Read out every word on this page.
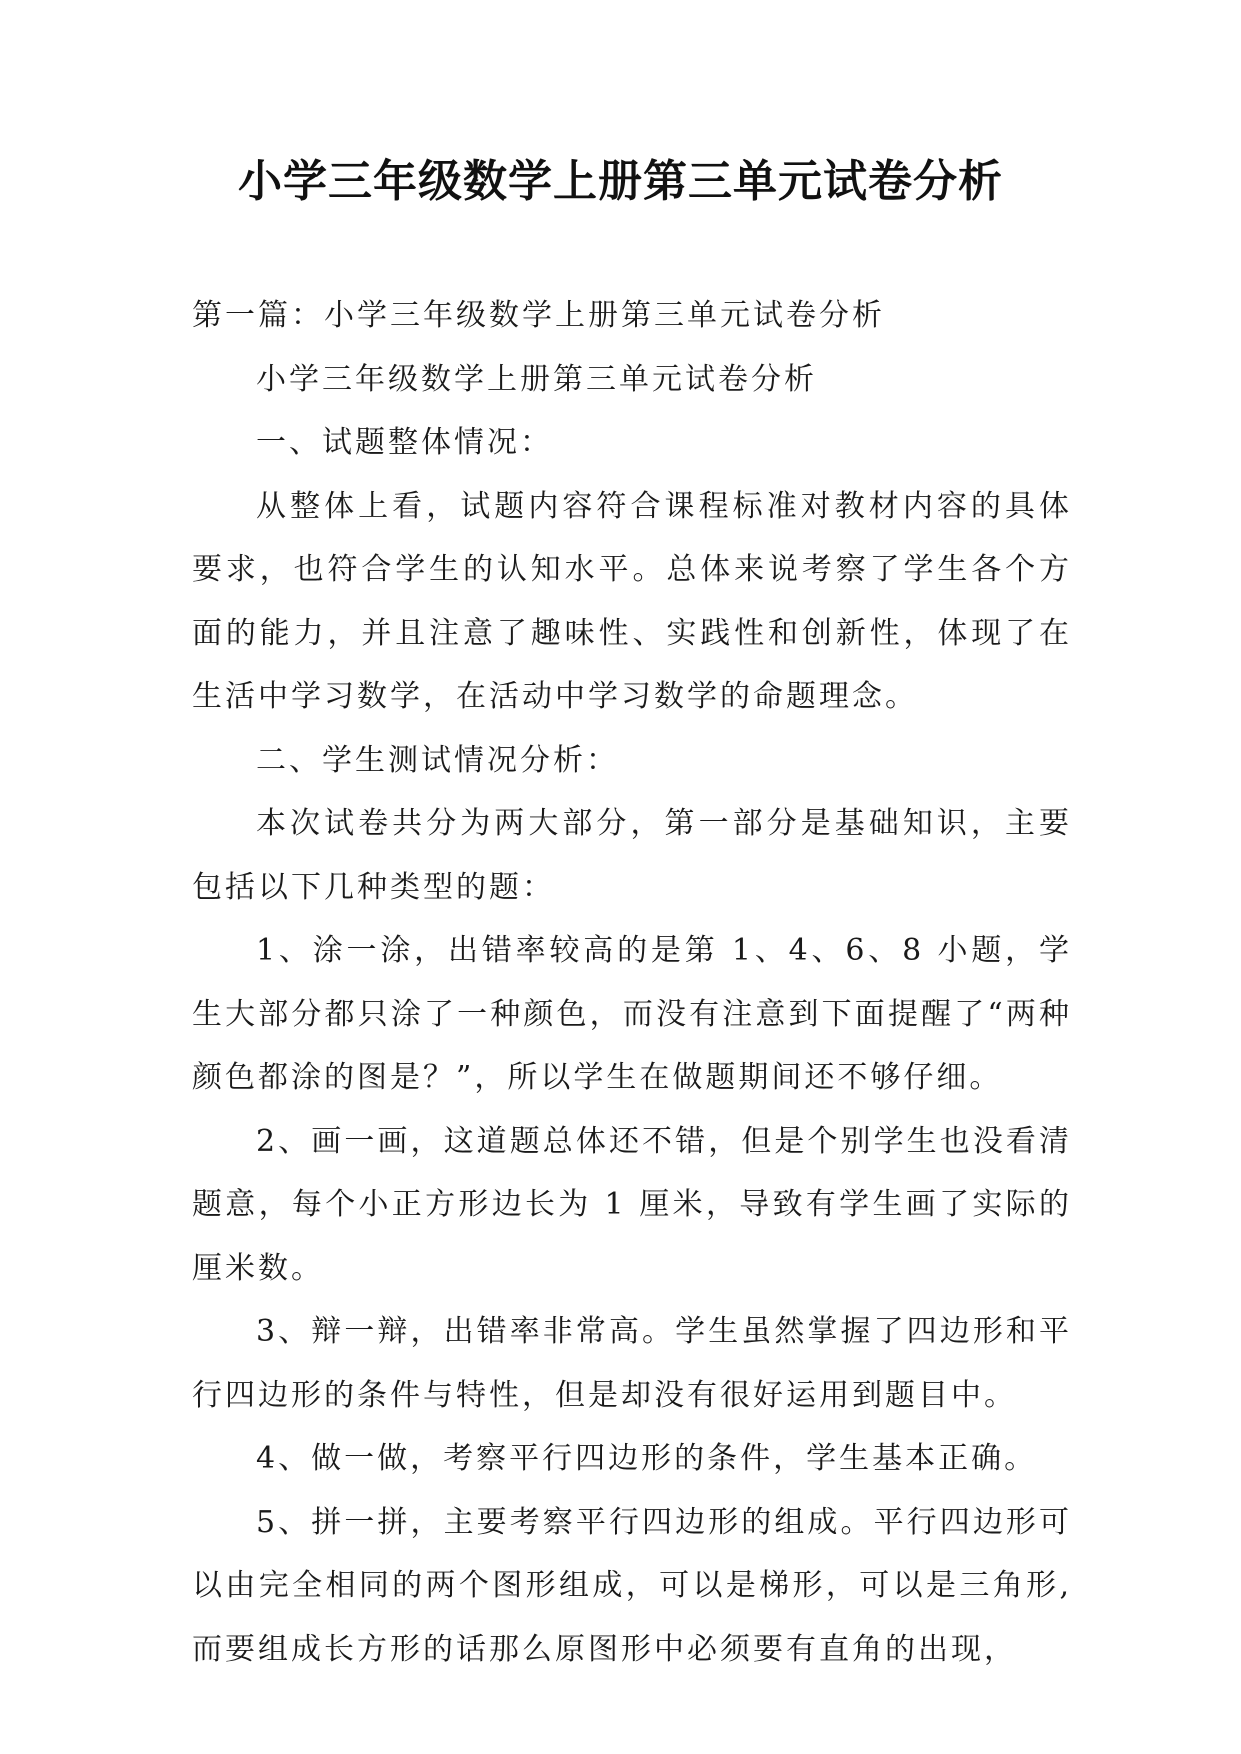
小学三年级数学上册第三单元试卷分析

第一篇：小学三年级数学上册第三单元试卷分析

小学三年级数学上册第三单元试卷分析

一、试题整体情况：

从整体上看，试题内容符合课程标准对教材内容的具体要求，也符合学生的认知水平。总体来说考察了学生各个方面的能力，并且注意了趣味性、实践性和创新性，体现了在生活中学习数学，在活动中学习数学的命题理念。

二、学生测试情况分析：

本次试卷共分为两大部分，第一部分是基础知识，主要包括以下几种类型的题：

1、涂一涂，出错率较高的是第 1、4、6、8 小题，学生大部分都只涂了一种颜色，而没有注意到下面提醒了“两种颜色都涂的图是？”，所以学生在做题期间还不够仔细。

2、画一画，这道题总体还不错，但是个别学生也没看清题意，每个小正方形边长为 1 厘米，导致有学生画了实际的厘米数。

3、辩一辩，出错率非常高。学生虽然掌握了四边形和平行四边形的条件与特性，但是却没有很好运用到题目中。

4、做一做，考察平行四边形的条件，学生基本正确。

5、拼一拼，主要考察平行四边形的组成。平行四边形可以由完全相同的两个图形组成，可以是梯形，可以是三角形,而要组成长方形的话那么原图形中必须要有直角的出现，
